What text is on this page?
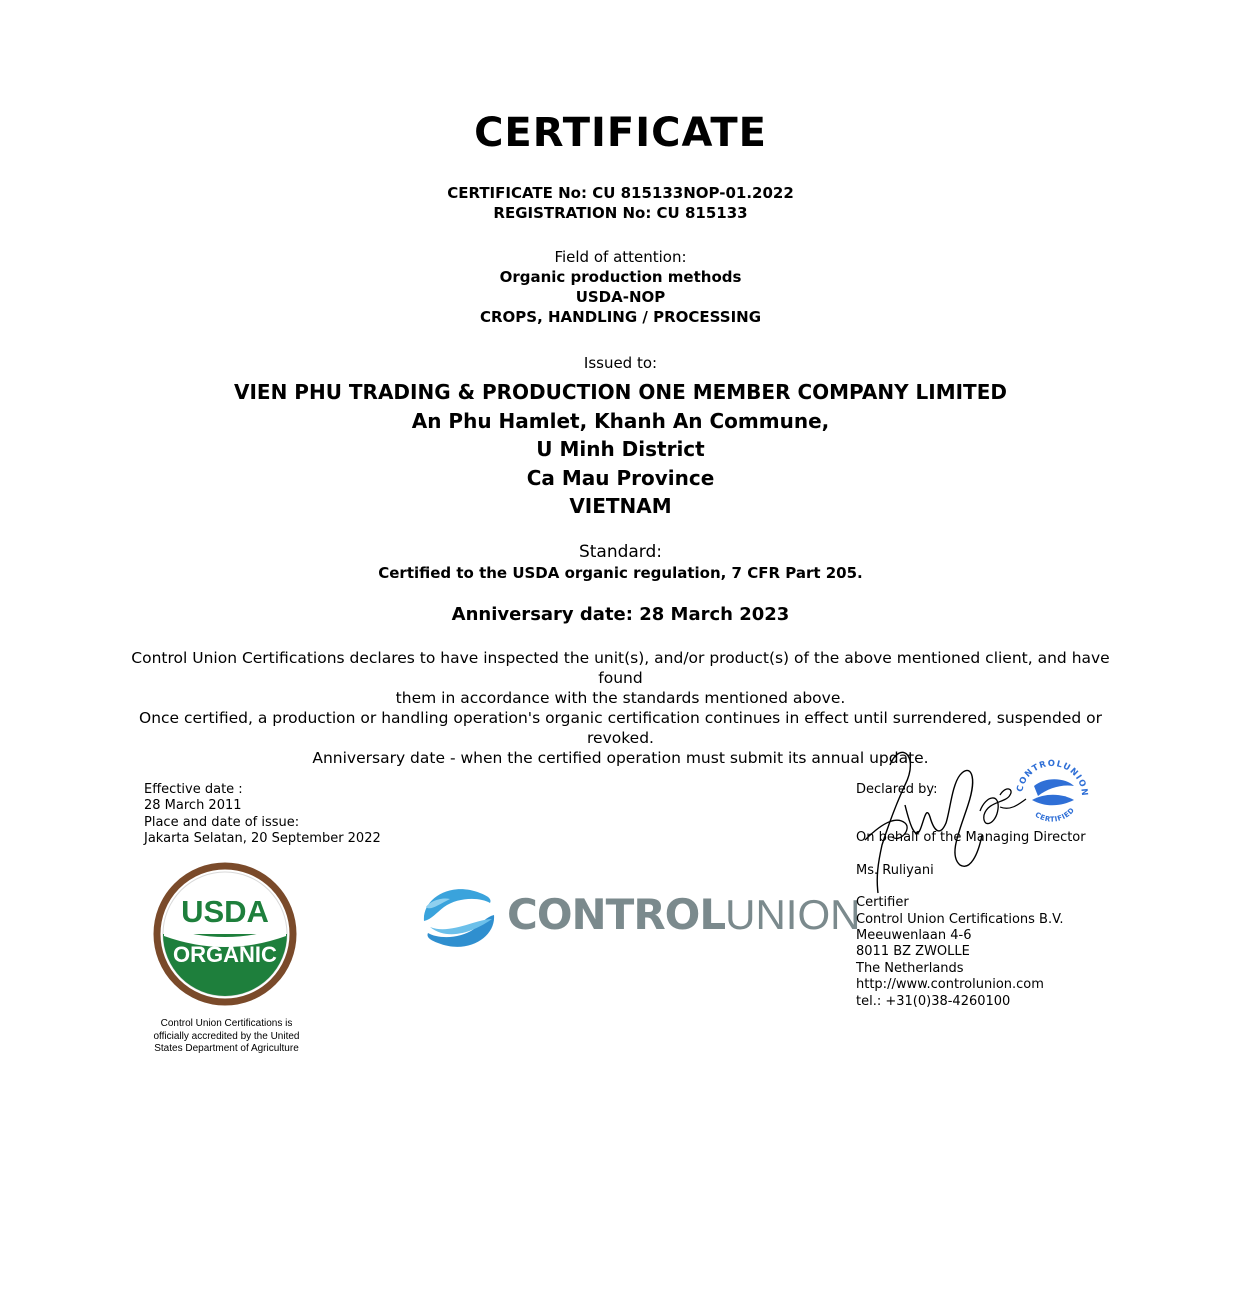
CERTIFICATE
CERTIFICATE No: CU 815133NOP-01.2022
REGISTRATION No: CU 815133
Field of attention:
Organic production methods
USDA-NOP
CROPS, HANDLING / PROCESSING
Issued to:
VIEN PHU TRADING & PRODUCTION ONE MEMBER COMPANY LIMITED
An Phu Hamlet, Khanh An Commune,
U Minh District
Ca Mau Province
VIETNAM
Standard:
Certified to the USDA organic regulation, 7 CFR Part 205.
Anniversary date: 28 March 2023
Control Union Certifications declares to have inspected the unit(s), and/or product(s) of the above mentioned client, and have found
them in accordance with the standards mentioned above.
Once certified, a production or handling operation's organic certification continues in effect until surrendered, suspended or revoked.
Anniversary date - when the certified operation must submit its annual update.
Effective date :
28 March 2011
Place and date of issue:
Jakarta Selatan, 20 September 2022
USDA
ORGANIC
Control Union Certifications is
officially accredited by the United
States Department of Agriculture
CONTROLUNION
Declared by:
On behalf of the Managing Director
Ms. Ruliyani
Certifier
Control Union Certifications B.V.
Meeuwenlaan 4-6
8011 BZ ZWOLLE
The Netherlands
http://www.controlunion.com
tel.: +31(0)38-4260100
CONTROLUNION
CERTIFIED
